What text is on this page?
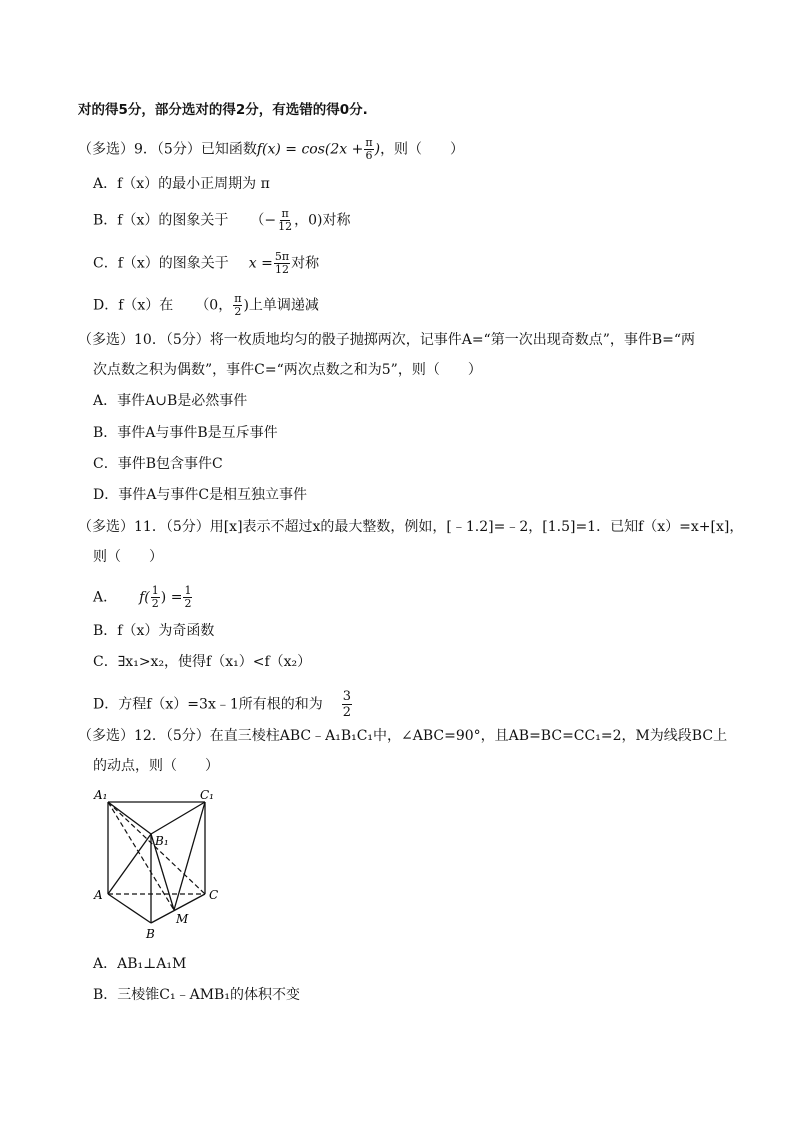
对的得5分，部分选对的得2分，有选错的得0分.
（多选）9．（5分）已知函数$f(x) = \cos(2x + \frac{\pi}{6}$ )，则（　　）
A．f（x）的最小正周期为 π
B．f（x）的图象关于 （− $\frac{\pi}{12}$ ，0)对称
C．f（x）的图象关于 $x = \frac{5\pi}{12}$ 对称
D．f（x）在 （0， $\frac{\pi}{2}$ )上单调递减
（多选）10．（5分）将一枚质地均匀的骰子抛掷两次，记事件A=“第一次出现奇数点”，事件B=“两
次点数之积为偶数”，事件C=“两次点数之和为5”，则（　　）
A．事件A∪B是必然事件
B．事件A与事件B是互斥事件
C．事件B包含事件C
D．事件A与事件C是相互独立事件
（多选）11．（5分）用[x]表示不超过x的最大整数，例如，[﹣1.2]=﹣2，[1.5]=1．已知f（x）=x+[x]，
则（　　）
A． $f( \frac{1}{2}$ ) = $\frac{1}{2}$
B．f（x）为奇函数
C．∃x₁>x₂，使得f（x₁）<f（x₂）
D．方程f（x）=3x﹣1所有根的和为 $\frac{3}{2}$
（多选）12．（5分）在直三棱柱ABC﹣A₁B₁C₁中，∠ABC=90°，且AB=BC=CC₁=2，M为线段BC上
的动点，则（　　）
A₁	C₁
B₁
A	C
M
B
A．AB₁⊥A₁M
B．三棱锥C₁﹣AMB₁的体积不变
